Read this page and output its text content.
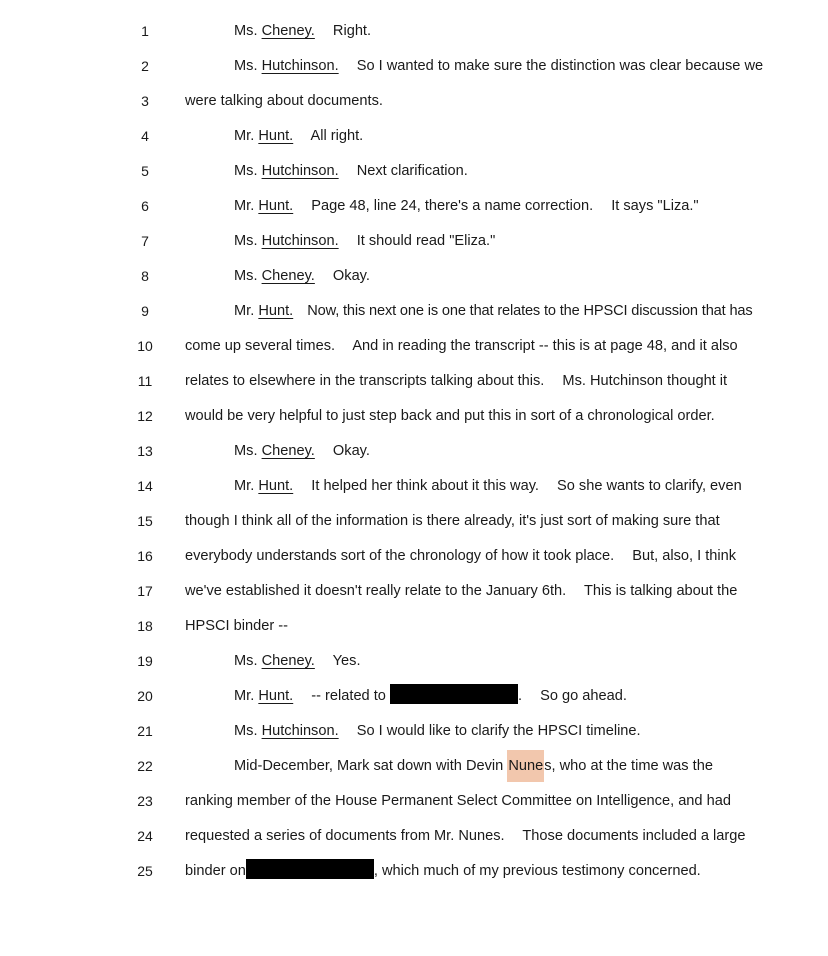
1	Ms. Cheney. Right.
2	Ms. Hutchinson. So I wanted to make sure the distinction was clear because we
3	were talking about documents.
4	Mr. Hunt. All right.
5	Ms. Hutchinson. Next clarification.
6	Mr. Hunt. Page 48, line 24, there's a name correction. It says "Liza."
7	Ms. Hutchinson. It should read "Eliza."
8	Ms. Cheney. Okay.
9	Mr. Hunt. Now, this next one is one that relates to the HPSCI discussion that has
10	come up several times. And in reading the transcript -- this is at page 48, and it also
11	relates to elsewhere in the transcripts talking about this. Ms. Hutchinson thought it
12	would be very helpful to just step back and put this in sort of a chronological order.
13	Ms. Cheney. Okay.
14	Mr. Hunt. It helped her think about it this way. So she wants to clarify, even
15	though I think all of the information is there already, it's just sort of making sure that
16	everybody understands sort of the chronology of how it took place. But, also, I think
17	we've established it doesn't really relate to the January 6th. This is talking about the
18	HPSCI binder --
19	Ms. Cheney. Yes.
20	Mr. Hunt. -- related to	. So go ahead.
21	Ms. Hutchinson. So I would like to clarify the HPSCI timeline.
22	Mid-December, Mark sat down with Devin Nunes, who at the time was the
23	ranking member of the House Permanent Select Committee on Intelligence, and had
24	requested a series of documents from Mr. Nunes. Those documents included a large
25	binder on	, which much of my previous testimony concerned.
